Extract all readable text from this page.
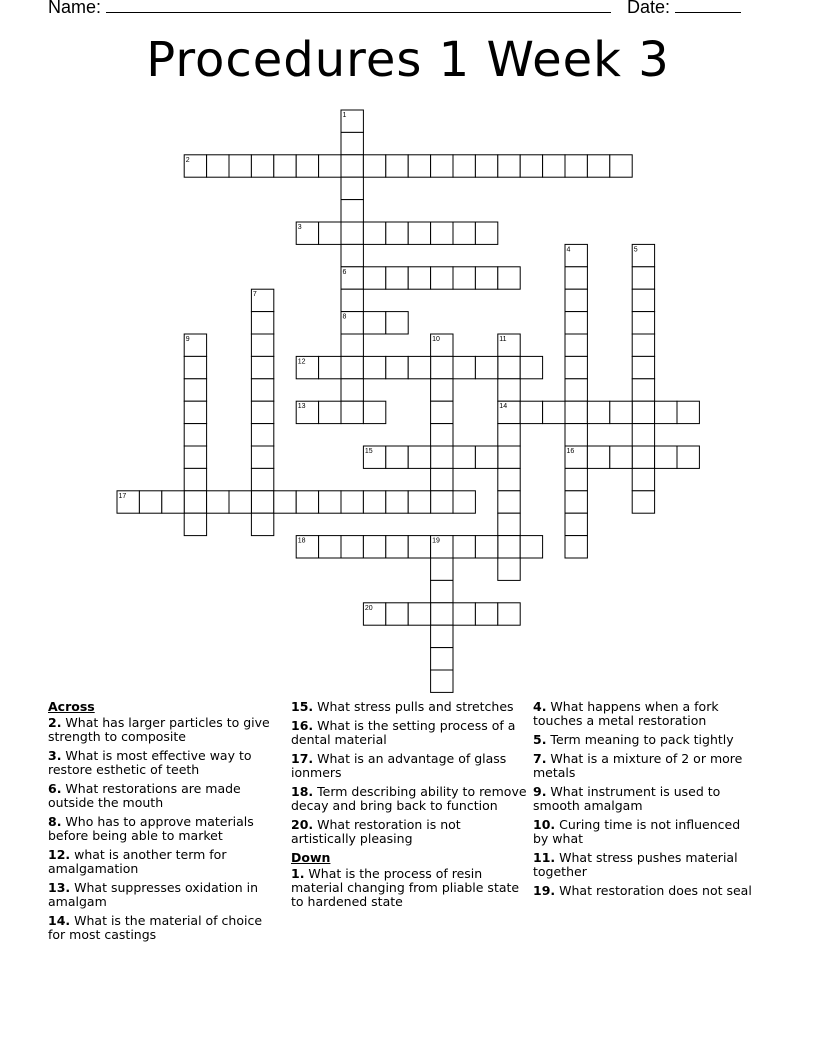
Name:	Date:
Procedures 1 Week 3
1
2
3
4	5
6
7
8
9	10	11
12
13	14
15	16
17
18	19
20
Across
2. What has larger particles to give strength to composite
3. What is most effective way to restore esthetic of teeth
6. What restorations are made outside the mouth
8. Who has to approve materials before being able to market
12. what is another term for amalgamation
13. What suppresses oxidation in amalgam
14. What is the material of choice for most castings
15. What stress pulls and stretches
16. What is the setting process of a dental material
17. What is an advantage of glass ionmers
18. Term describing ability to remove decay and bring back to function
20. What restoration is not artistically pleasing
Down
1. What is the process of resin material changing from pliable state to hardened state
4. What happens when a fork touches a metal restoration
5. Term meaning to pack tightly
7. What is a mixture of 2 or more metals
9. What instrument is used to smooth amalgam
10. Curing time is not influenced by what
11. What stress pushes material together
19. What restoration does not seal
